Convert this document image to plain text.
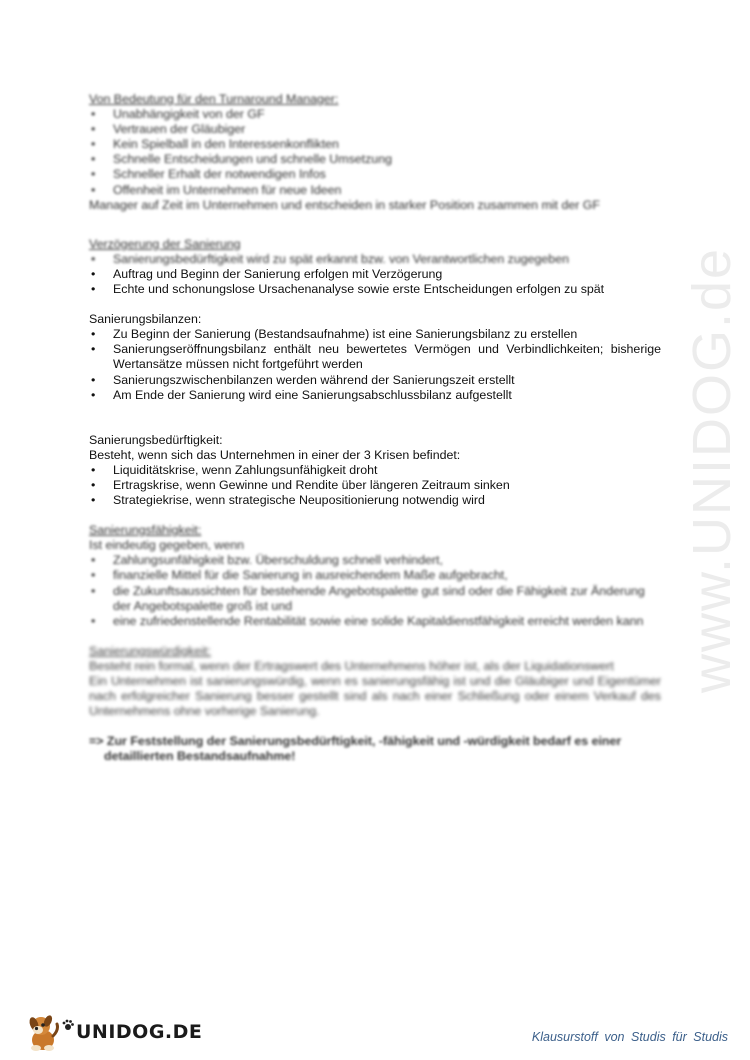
Von Bedeutung für den Turnaround Manager:
• Unabhängigkeit von der GF
• Vertrauen der Gläubiger
• Kein Spielball in den Interessenkonflikten
• Schnelle Entscheidungen und schnelle Umsetzung
• Schneller Erhalt der notwendigen Infos
• Offenheit im Unternehmen für neue Ideen
Manager auf Zeit im Unternehmen und entscheiden in starker Position zusammen mit der GF
Verzögerung der Sanierung
• Sanierungsbedürftigkeit wird zu spät erkannt bzw. von Verantwortlichen zugegeben
• Auftrag und Beginn der Sanierung erfolgen mit Verzögerung
• Echte und schonungslose Ursachenanalyse sowie erste Entscheidungen erfolgen zu spät
Sanierungsbilanzen:
• Zu Beginn der Sanierung (Bestandsaufnahme) ist eine Sanierungsbilanz zu erstellen
• Sanierungseröffnungsbilanz enthält neu bewertetes Vermögen und Verbindlichkeiten; bisherige Wertansätze müssen nicht fortgeführt werden
• Sanierungszwischenbilanzen werden während der Sanierungszeit erstellt
• Am Ende der Sanierung wird eine Sanierungsabschlussbilanz aufgestellt
Sanierungsbedürftigkeit:
Besteht, wenn sich das Unternehmen in einer der 3 Krisen befindet:
• Liquiditätskrise, wenn Zahlungsunfähigkeit droht
• Ertragskrise, wenn Gewinne und Rendite über längeren Zeitraum sinken
• Strategiekrise, wenn strategische Neupositionierung notwendig wird
Sanierungsfähigkeit:
Ist eindeutig gegeben, wenn
• Zahlungsunfähigkeit bzw. Überschuldung schnell verhindert,
• finanzielle Mittel für die Sanierung in ausreichendem Maße aufgebracht,
• die Zukunftsaussichten für bestehende Angebotspalette gut sind oder die Fähigkeit zur Änderung der Angebotspalette groß ist und
• eine zufriedenstellende Rentabilität sowie eine solide Kapitaldienstfähigkeit erreicht werden kann
Sanierungswürdigkeit:
Besteht rein formal, wenn der Ertragswert des Unternehmens höher ist, als der Liquidationswert
Ein Unternehmen ist sanierungswürdig, wenn es sanierungsfähig ist und die Gläubiger und Eigentümer nach erfolgreicher Sanierung besser gestellt sind als nach einer Schließung oder einem Verkauf des Unternehmens ohne vorherige Sanierung.
=> Zur Feststellung der Sanierungsbedürftigkeit, -fähigkeit und -würdigkeit bedarf es einer detaillierten Bestandsaufnahme!
www.UNIDOG.de
UNIDOG.DE	Klausurstoff von Studis für Studis
